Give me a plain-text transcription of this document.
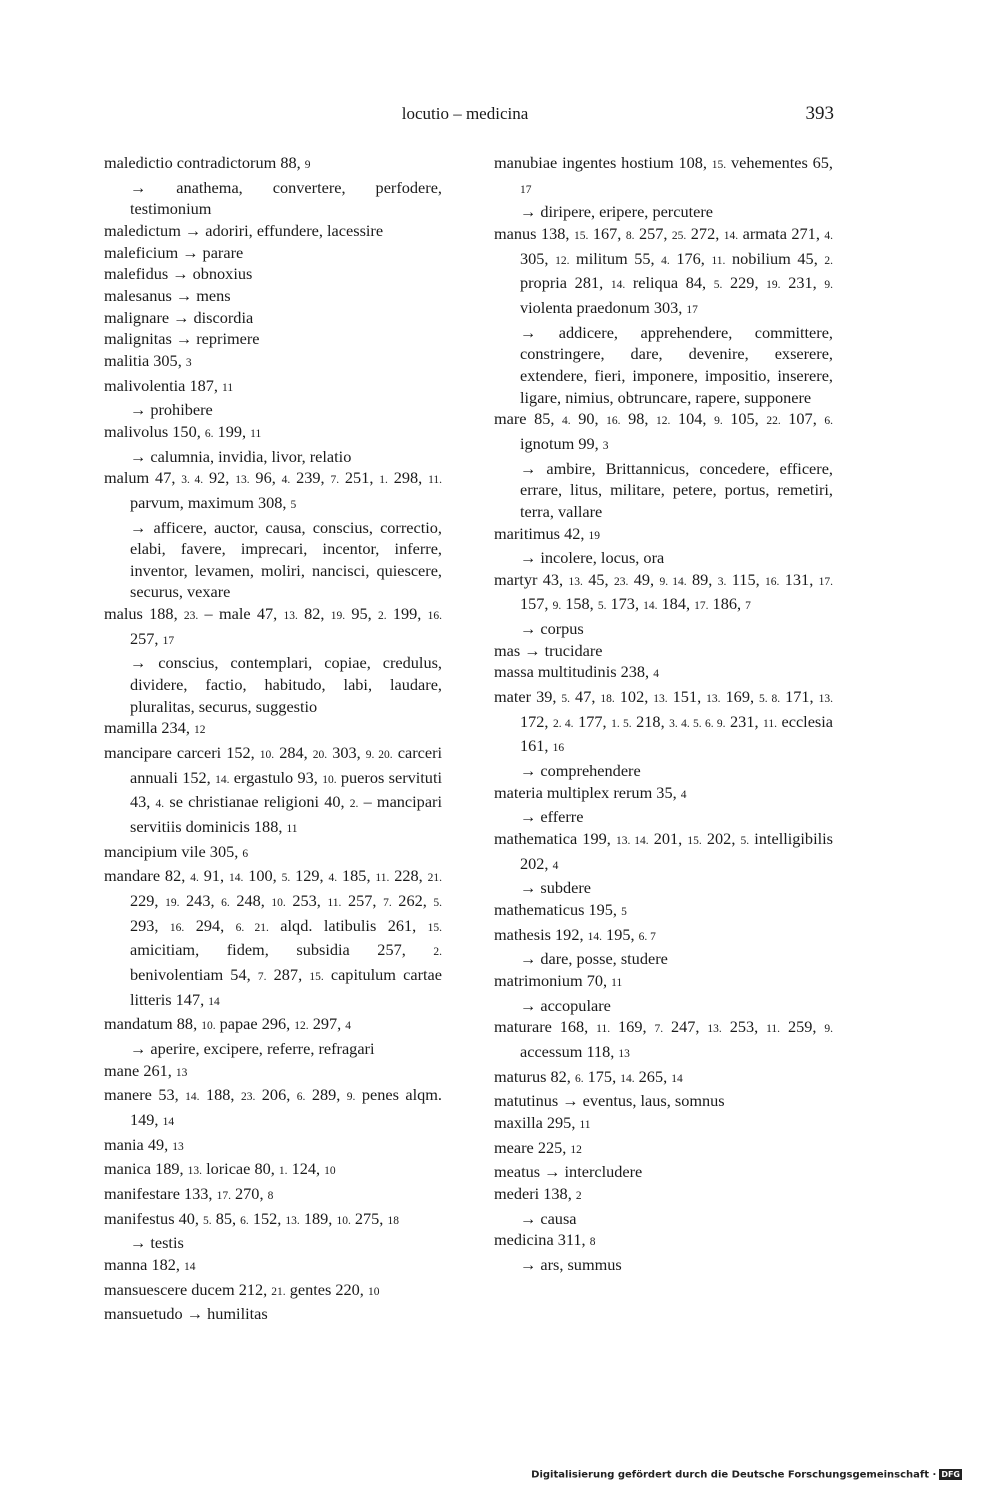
locutio – medicina	393
maledictio contradictorum 88, 9
→ anathema, convertere, perfodere, testimonium
maledictum → adoriri, effundere, lacessire
maleficium → parare
malefidus → obnoxius
malesanus → mens
malignare → discordia
malignitas → reprimere
malitia 305, 3
malivolentia 187, 11
→ prohibere
malivolus 150, 6. 199, 11
→ calumnia, invidia, livor, relatio
malum 47, 3. 4. 92, 13. 96, 4. 239, 7. 251, 1. 298, 11. parvum, maximum 308, 5
→ afficere, auctor, causa, conscius, correctio, elabi, favere, imprecari, incentor, inferre, inventor, levamen, moliri, nancisci, quiescere, securus, vexare
malus 188, 23. – male 47, 13. 82, 19. 95, 2. 199, 16. 257, 17
→ conscius, contemplari, copiae, credulus, dividere, factio, habitudo, labi, laudare, pluralitas, securus, suggestio
mamilla 234, 12
mancipare carceri 152, 10. 284, 20. 303, 9. 20. carceri annuali 152, 14. ergastulo 93, 10. pueros servituti 43, 4. se christianae religioni 40, 2. – mancipari servitiis dominicis 188, 11
mancipium vile 305, 6
mandare 82, 4. 91, 14. 100, 5. 129, 4. 185, 11. 228, 21. 229, 19. 243, 6. 248, 10. 253, 11. 257, 7. 262, 5. 293, 16. 294, 6. 21. alqd. latibulis 261, 15. amicitiam, fidem, subsidia 257, 2. benivolentiam 54, 7. 287, 15. capitulum cartae litteris 147, 14
mandatum 88, 10. papae 296, 12. 297, 4
→ aperire, excipere, referre, refragari
mane 261, 13
manere 53, 14. 188, 23. 206, 6. 289, 9. penes alqm. 149, 14
mania 49, 13
manica 189, 13. loricae 80, 1. 124, 10
manifestare 133, 17. 270, 8
manifestus 40, 5. 85, 6. 152, 13. 189, 10. 275, 18
→ testis
manna 182, 14
mansuescere ducem 212, 21. gentes 220, 10
mansuetudo → humilitas
manubiae ingentes hostium 108, 15. vehementes 65, 17
→ diripere, eripere, percutere
manus 138, 15. 167, 8. 257, 25. 272, 14. armata 271, 4. 305, 12. militum 55, 4. 176, 11. nobilium 45, 2. propria 281, 14. reliqua 84, 5. 229, 19. 231, 9. violenta praedonum 303, 17
→ addicere, apprehendere, committere, constringere, dare, devenire, exserere, extendere, fieri, imponere, impositio, inserere, ligare, nimius, obtruncare, rapere, supponere
mare 85, 4. 90, 16. 98, 12. 104, 9. 105, 22. 107, 6. ignotum 99, 3
→ ambire, Brittannicus, concedere, efficere, errare, litus, militare, petere, portus, remetiri, terra, vallare
maritimus 42, 19
→ incolere, locus, ora
martyr 43, 13. 45, 23. 49, 9. 14. 89, 3. 115, 16. 131, 17. 157, 9. 158, 5. 173, 14. 184, 17. 186, 7
→ corpus
mas → trucidare
massa multitudinis 238, 4
mater 39, 5. 47, 18. 102, 13. 151, 13. 169, 5. 8. 171, 13. 172, 2. 4. 177, 1. 5. 218, 3. 4. 5. 6. 9. 231, 11. ecclesia 161, 16
→ comprehendere
materia multiplex rerum 35, 4
→ efferre
mathematica 199, 13. 14. 201, 15. 202, 5. intelligibilis 202, 4
→ subdere
mathematicus 195, 5
mathesis 192, 14. 195, 6. 7
→ dare, posse, studere
matrimonium 70, 11
→ accopulare
maturare 168, 11. 169, 7. 247, 13. 253, 11. 259, 9. accessum 118, 13
maturus 82, 6. 175, 14. 265, 14
matutinus → eventus, laus, somnus
maxilla 295, 11
meare 225, 12
meatus → intercludere
mederi 138, 2
→ causa
medicina 311, 8
→ ars, summus
Digitalisierung gefördert durch die Deutsche Forschungsgemeinschaft · DFG
